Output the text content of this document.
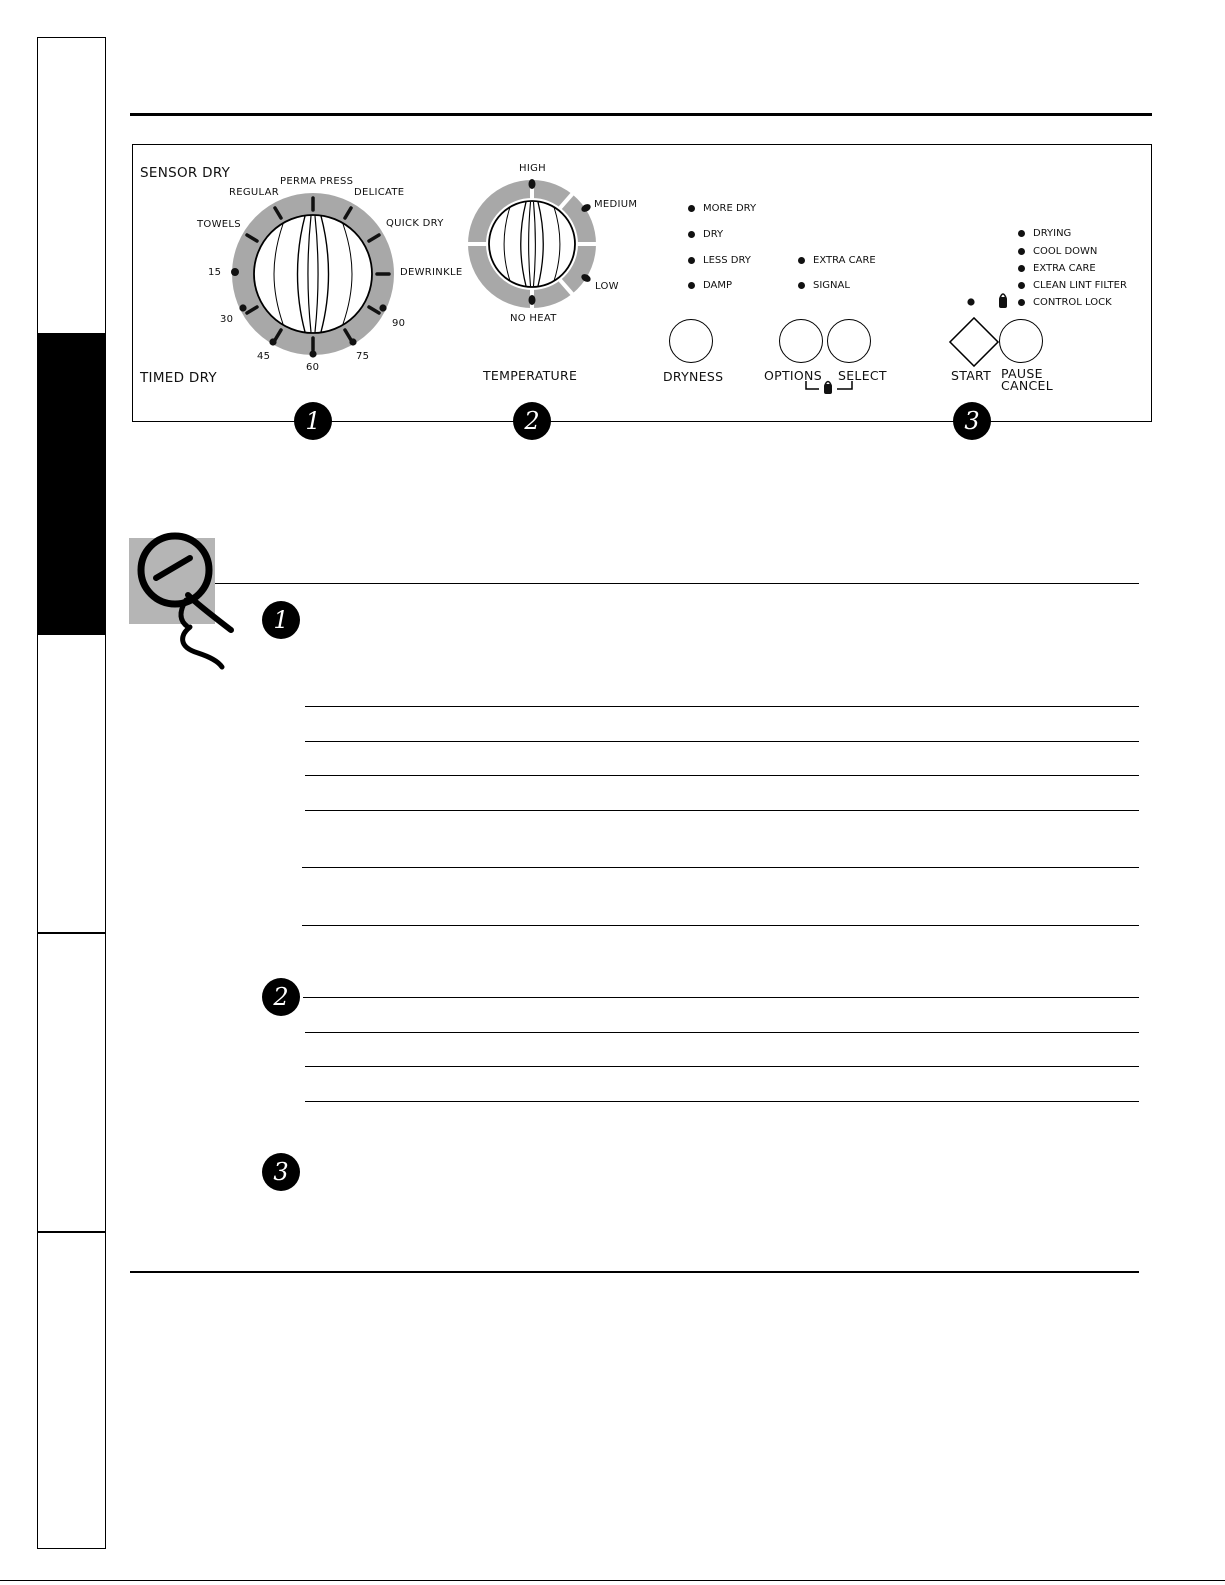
SENSOR DRY
TIMED DRY
TOWELS
REGULAR
PERMA PRESS
DELICATE
QUICK DRY
DEWRINKLE
15
30
45
60
75
90
HIGH
MEDIUM
LOW
NO HEAT
TEMPERATURE
MORE DRY
DRY
LESS DRY
DAMP
EXTRA CARE
SIGNAL
DRYING
COOL DOWN
EXTRA CARE
CLEAN LINT FILTER
CONTROL LOCK
DRYNESS	OPTIONS SELECT	START PAUSE
CANCEL
1	2	3
1
2
3
